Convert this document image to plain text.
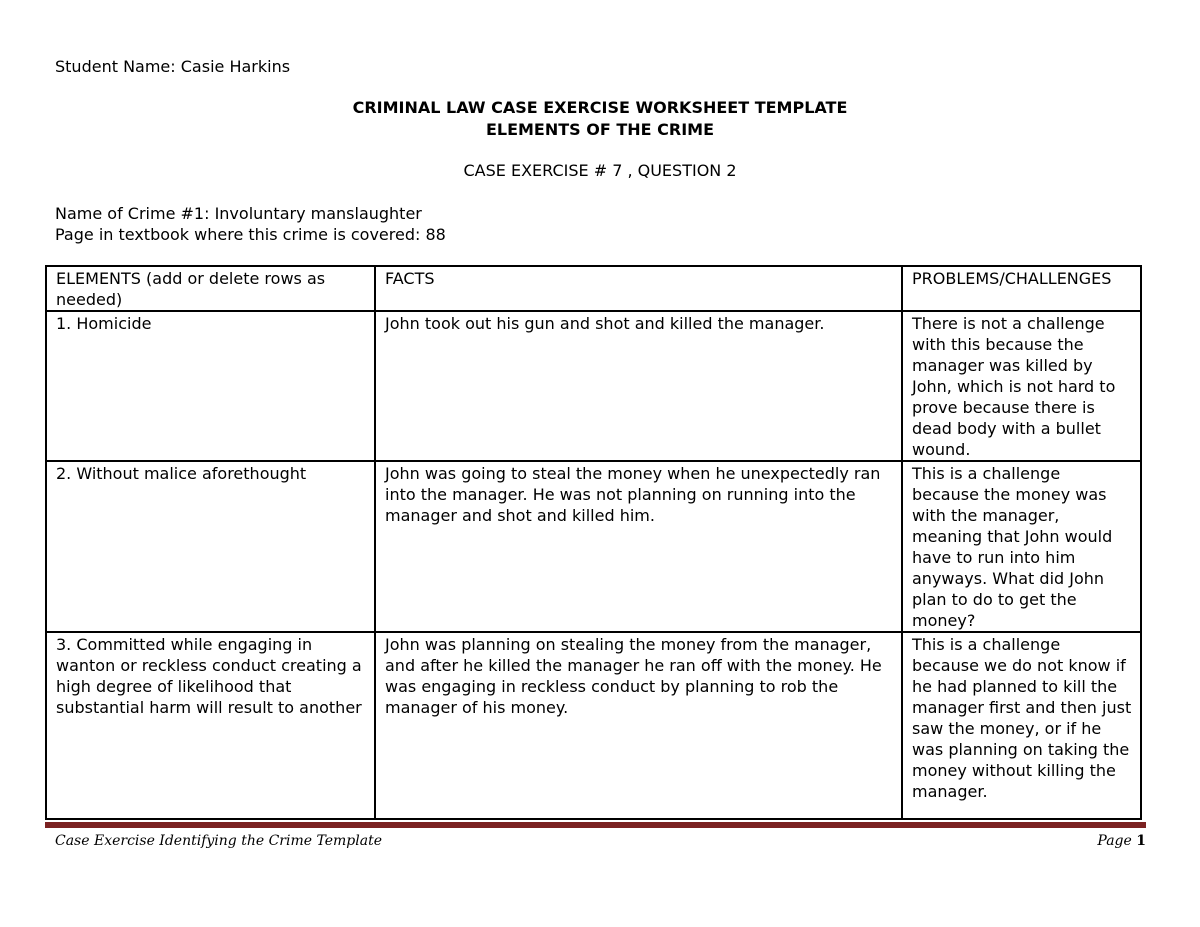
Student Name: Casie Harkins
CRIMINAL LAW CASE EXERCISE WORKSHEET TEMPLATE
ELEMENTS OF THE CRIME
CASE EXERCISE # 7 , QUESTION 2
Name of Crime #1: Involuntary manslaughter
Page in textbook where this crime is covered: 88
ELEMENTS (add or delete rows as needed)	FACTS	PROBLEMS/CHALLENGES
1. Homicide	John took out his gun and shot and killed the manager.	There is not a challenge with this because the manager was killed by John, which is not hard to prove because there is dead body with a bullet wound.
2. Without malice aforethought	John was going to steal the money when he unexpectedly ran into the manager. He was not planning on running into the manager and shot and killed him.	This is a challenge because the money was with the manager, meaning that John would have to run into him anyways. What did John plan to do to get the money?
3. Committed while engaging in wanton or reckless conduct creating a high degree of likelihood that substantial harm will result to another	John was planning on stealing the money from the manager, and after he killed the manager he ran off with the money. He was engaging in reckless conduct by planning to rob the manager of his money.	This is a challenge because we do not know if he had planned to kill the manager first and then just saw the money, or if he was planning on taking the money without killing the manager.
Case Exercise Identifying the Crime Template	Page 1
